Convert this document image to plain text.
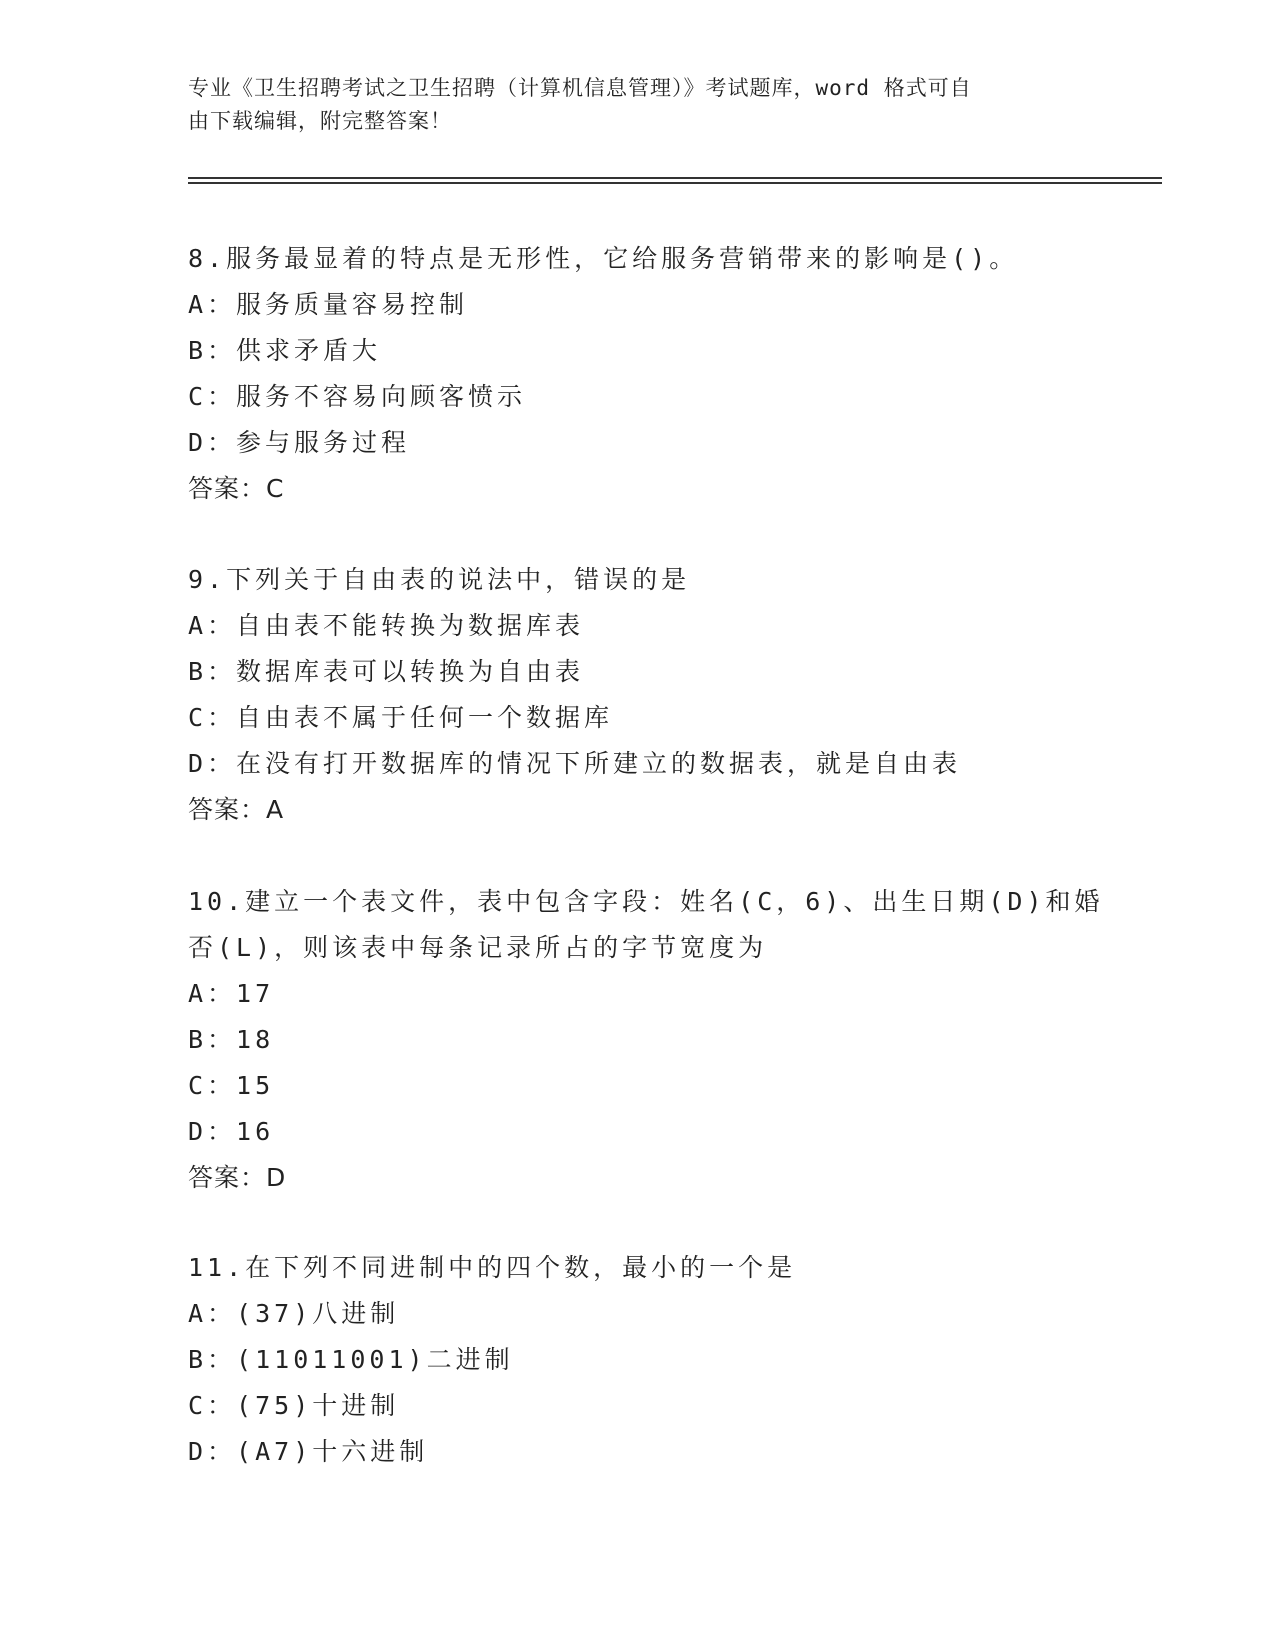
专业《卫生招聘考试之卫生招聘（计算机信息管理）》考试题库，word 格式可自
由下载编辑，附完整答案！
8.服务最显着的特点是无形性，它给服务营销带来的影响是()。
A：服务质量容易控制
B：供求矛盾大
C：服务不容易向顾客愤示
D：参与服务过程
答案：C
9.下列关于自由表的说法中，错误的是
A：自由表不能转换为数据库表
B：数据库表可以转换为自由表
C：自由表不属于任何一个数据库
D：在没有打开数据库的情况下所建立的数据表，就是自由表
答案：A
10.建立一个表文件，表中包含字段：姓名(C，6)、出生日期(D)和婚
否(L)，则该表中每条记录所占的字节宽度为
A：17
B：18
C：15
D：16
答案：D
11.在下列不同进制中的四个数，最小的一个是
A：(37)八进制
B：(11011001)二进制
C：(75)十进制
D：(A7)十六进制
